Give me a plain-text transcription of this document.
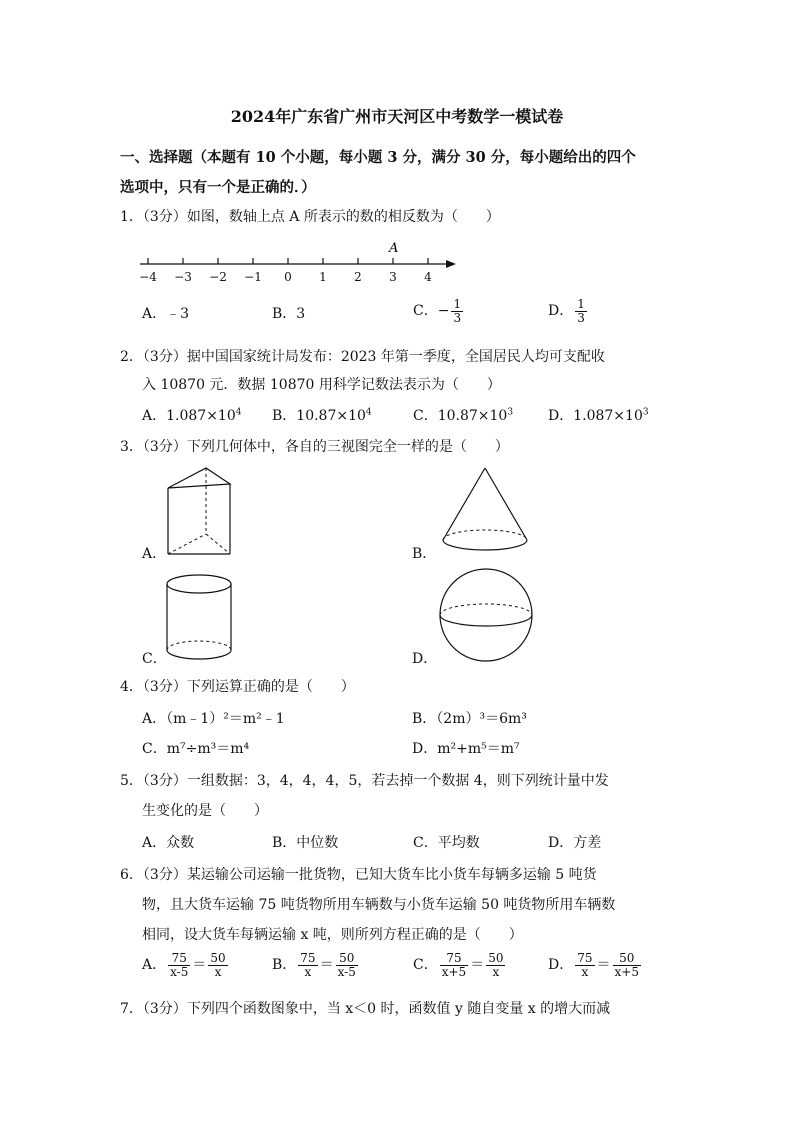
2024年广东省广州市天河区中考数学一模试卷
一、选择题（本题有 10 个小题，每小题 3 分，满分 30 分，每小题给出的四个
选项中，只有一个是正确的．）
1．（3分）如图，数轴上点 A 所表示的数的相反数为（　　）
A
−4 −3 −2 −1	0	1	2	3	4
A．﹣3	B．3	C．− $\frac{1}{3}$	D． $\frac{1}{3}$
2．（3分）据中国国家统计局发布：2023 年第一季度，全国居民人均可支配收
入 10870 元．数据 10870 用科学记数法表示为（　　）
A．$1.087\times 10^4$ B．$10.87\times 10^4$	C．$10.87\times 10^3$ D．$1.087\times 10^3$
3．（3分）下列几何体中，各自的三视图完全一样的是（　　）
A．	B．
C．	D．
4．（3分）下列运算正确的是（　　）
A．（m﹣1）²＝m²﹣1	B．（2m）³＝6m³
C．m⁷÷m³＝m⁴	D．m²+m⁵＝m⁷
5．（3分）一组数据：3，4，4，4，5，若去掉一个数据 4，则下列统计量中发
生变化的是（　　）
A．众数	B．中位数	C．平均数	D．方差
6．（3分）某运输公司运输一批货物，已知大货车比小货车每辆多运输 5 吨货
物，且大货车运输 75 吨货物所用车辆数与小货车运输 50 吨货物所用车辆数
相同，设大货车每辆运输 x 吨，则所列方程正确的是（　　）
A． $\frac{75}{x-5} = \frac{50}{x}$	B． $\frac{75}{x} = \frac{50}{x-5}$	C． $\frac{75}{x+5} = \frac{50}{x}$	D． $\frac{75}{x} = \frac{50}{x+5}$
7．（3分）下列四个函数图象中，当 x＜0 时，函数值 y 随自变量 x 的增大而减
